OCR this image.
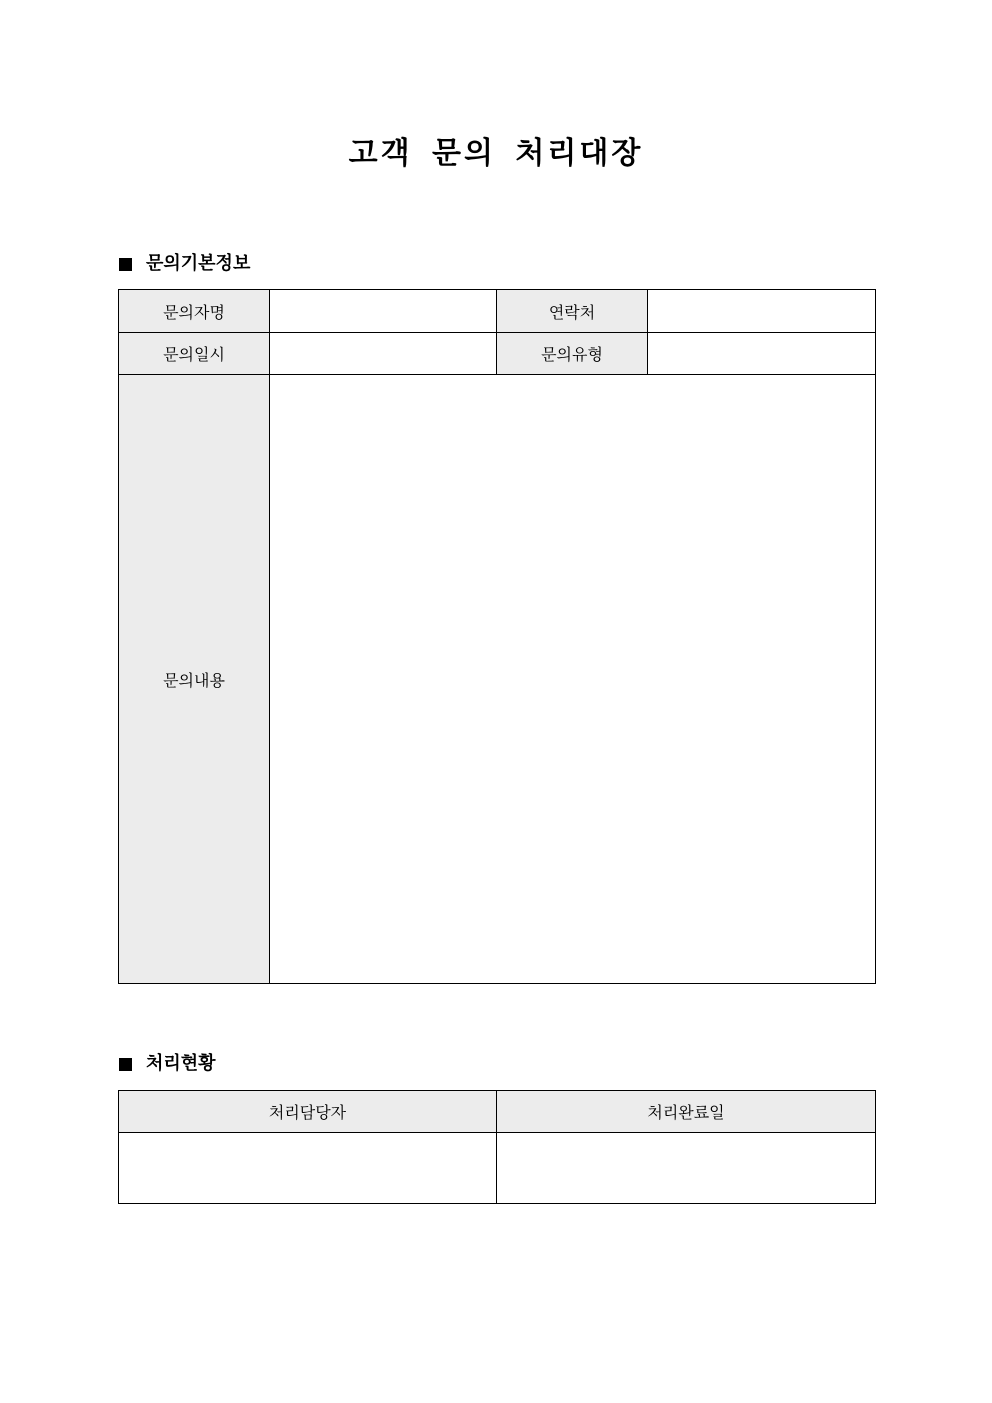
고객 문의 처리대장
문의기본정보
문의자명		연락처	
문의일시		문의유형	
문의내용			
처리현황
처리담당자	처리완료일
